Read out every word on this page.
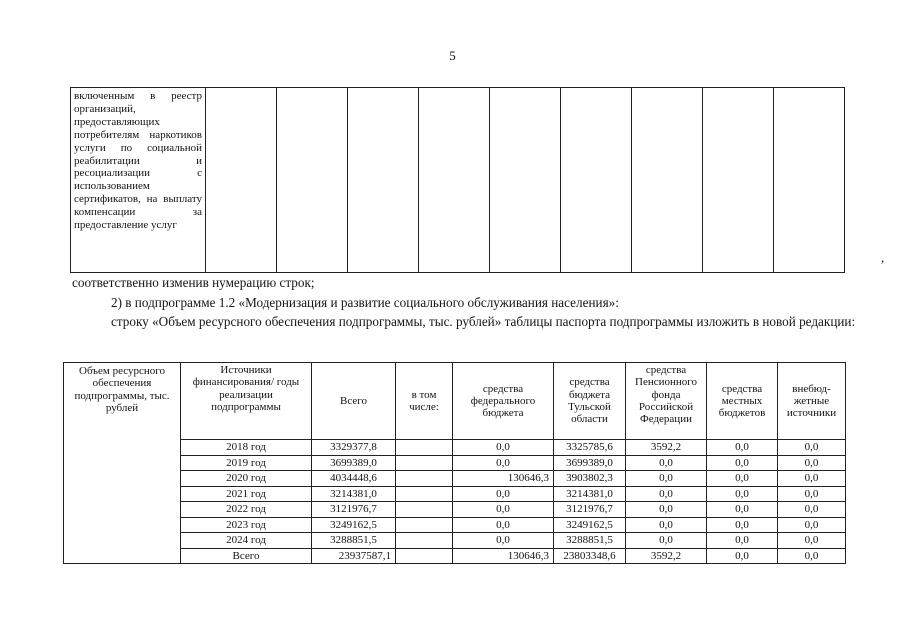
5
включенным в реестр организаций, предоставляющих потребителям наркотиков услуги по социальной реабилитации и ресоциализации с использованием сертификатов, на выплату компенсации за предоставление услуг

,
соответственно изменив нумерацию строк;
2) в подпрограмме 1.2 «Модернизация и развитие социального обслуживания населения»:
строку «Объем ресурсного обеспечения подпрограммы, тыс. рублей» таблицы паспорта подпрограммы изложить в новой редакции:
Объем ресурсного обеспечения подпрограммы, тыс. рублей	Источники финансирования/ годы реализации подпрограммы	Всего	в том числе:	средства федерального бюджета	средства бюджета Тульской области	средства Пенсионного фонда Российской Федерации	средства местных бюджетов	внебюд-жетные источники
	2018 год	3329377,8		0,0	3325785,6	3592,2	0,0	0,0
	2019 год	3699389,0		0,0	3699389,0	0,0	0,0	0,0
	2020 год	4034448,6		130646,3	3903802,3	0,0	0,0	0,0
	2021 год	3214381,0		0,0	3214381,0	0,0	0,0	0,0
	2022 год	3121976,7		0,0	3121976,7	0,0	0,0	0,0
	2023 год	3249162,5		0,0	3249162,5	0,0	0,0	0,0
	2024 год	3288851,5		0,0	3288851,5	0,0	0,0	0,0
	Всего	23937587,1		130646,3	23803348,6	3592,2	0,0	0,0
